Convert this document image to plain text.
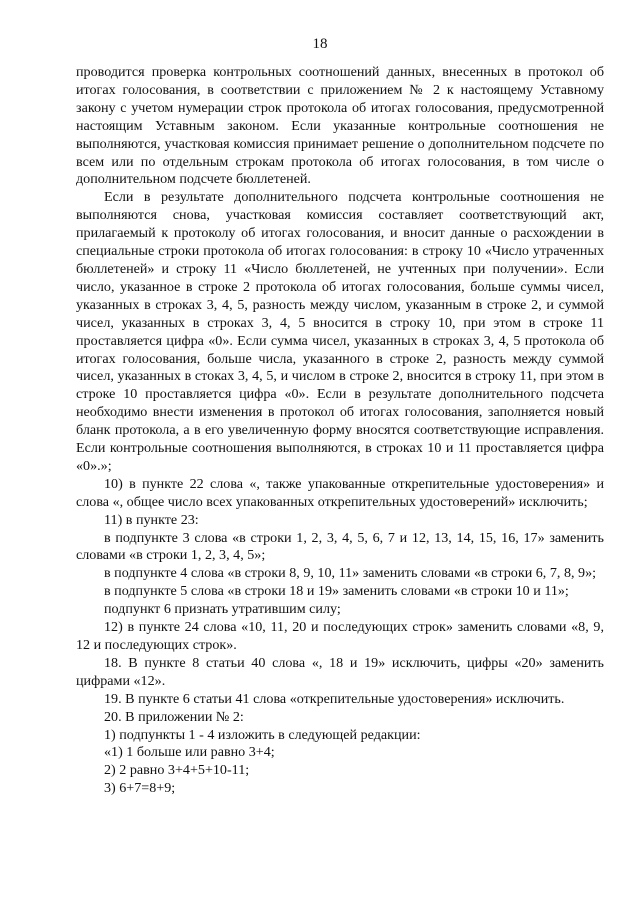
18

проводится проверка контрольных соотношений данных, внесенных в протокол об итогах голосования, в соответствии с приложением № 2 к настоящему Уставному закону с учетом нумерации строк протокола об итогах голосования, предусмотренной настоящим Уставным законом. Если указанные контрольные соотношения не выполняются, участковая комиссия принимает решение о дополнительном подсчете по всем или по отдельным строкам протокола об итогах голосования, в том числе о дополнительном подсчете бюллетеней.

Если в результате дополнительного подсчета контрольные соотношения не выполняются снова, участковая комиссия составляет соответствующий акт, прилагаемый к протоколу об итогах голосования, и вносит данные о расхождении в специальные строки протокола об итогах голосования: в строку 10 «Число утраченных бюллетеней» и строку 11 «Число бюллетеней, не учтенных при получении». Если число, указанное в строке 2 протокола об итогах голосования, больше суммы чисел, указанных в строках 3, 4, 5, разность между числом, указанным в строке 2, и суммой чисел, указанных в строках 3, 4, 5 вносится в строку 10, при этом в строке 11 проставляется цифра «0». Если сумма чисел, указанных в строках 3, 4, 5 протокола об итогах голосования, больше числа, указанного в строке 2, разность между суммой чисел, указанных в стоках 3, 4, 5, и числом в строке 2, вносится в строку 11, при этом в строке 10 проставляется цифра «0». Если в результате дополнительного подсчета необходимо внести изменения в протокол об итогах голосования, заполняется новый бланк протокола, а в его увеличенную форму вносятся соответствующие исправления. Если контрольные соотношения выполняются, в строках 10 и 11 проставляется цифра «0».»;

10) в пункте 22 слова «, также упакованные открепительные удостоверения» и слова «, общее число всех упакованных открепительных удостоверений» исключить;

11) в пункте 23:

в подпункте 3 слова «в строки 1, 2, 3, 4, 5, 6, 7 и 12, 13, 14, 15, 16, 17» заменить словами «в строки 1, 2, 3, 4, 5»;

в подпункте 4 слова «в строки 8, 9, 10, 11» заменить словами «в строки 6, 7, 8, 9»;

в подпункте 5 слова «в строки 18 и 19» заменить словами «в строки 10 и 11»;

подпункт 6 признать утратившим силу;

12) в пункте 24 слова «10, 11, 20 и последующих строк» заменить словами «8, 9, 12 и последующих строк».

18. В пункте 8 статьи 40 слова «, 18 и 19» исключить, цифры «20» заменить цифрами «12».

19. В пункте 6 статьи 41 слова «открепительные удостоверения» исключить.

20. В приложении № 2:

1) подпункты 1 - 4 изложить в следующей редакции:

«1) 1 больше или равно 3+4;

2) 2 равно 3+4+5+10-11;

3) 6+7=8+9;
